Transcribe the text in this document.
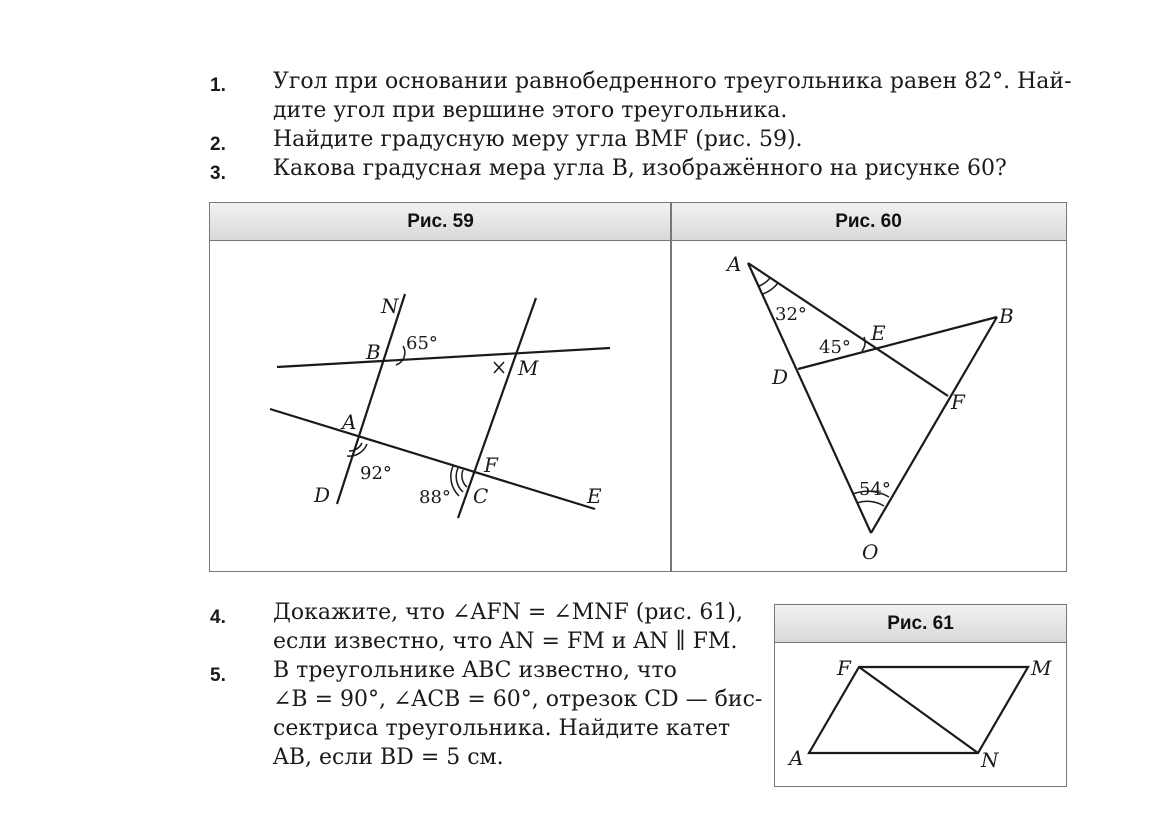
1. Угол при основании равнобедренного треугольника равен 82°. Най-
дите угол при вершине этого треугольника.
2. Найдите градусную меру угла BMF (рис. 59).
3. Какова градусная мера угла B, изображённого на рисунке 60?
Рис. 59	Рис. 60
N
B 65°
M
A
92°
D
F
88° C	E
A
32°
E
45°
B
D
F
54°
O
4. Докажите, что ∠AFN = ∠MNF (рис. 61),
если известно, что AN = FM и AN ∥ FM.
5. В треугольнике ABC известно, что
∠B = 90°, ∠ACB = 60°, отрезок CD — бис-
сектриса треугольника. Найдите катет
AB, если BD = 5 см.
Рис. 61
F	M
A	N
